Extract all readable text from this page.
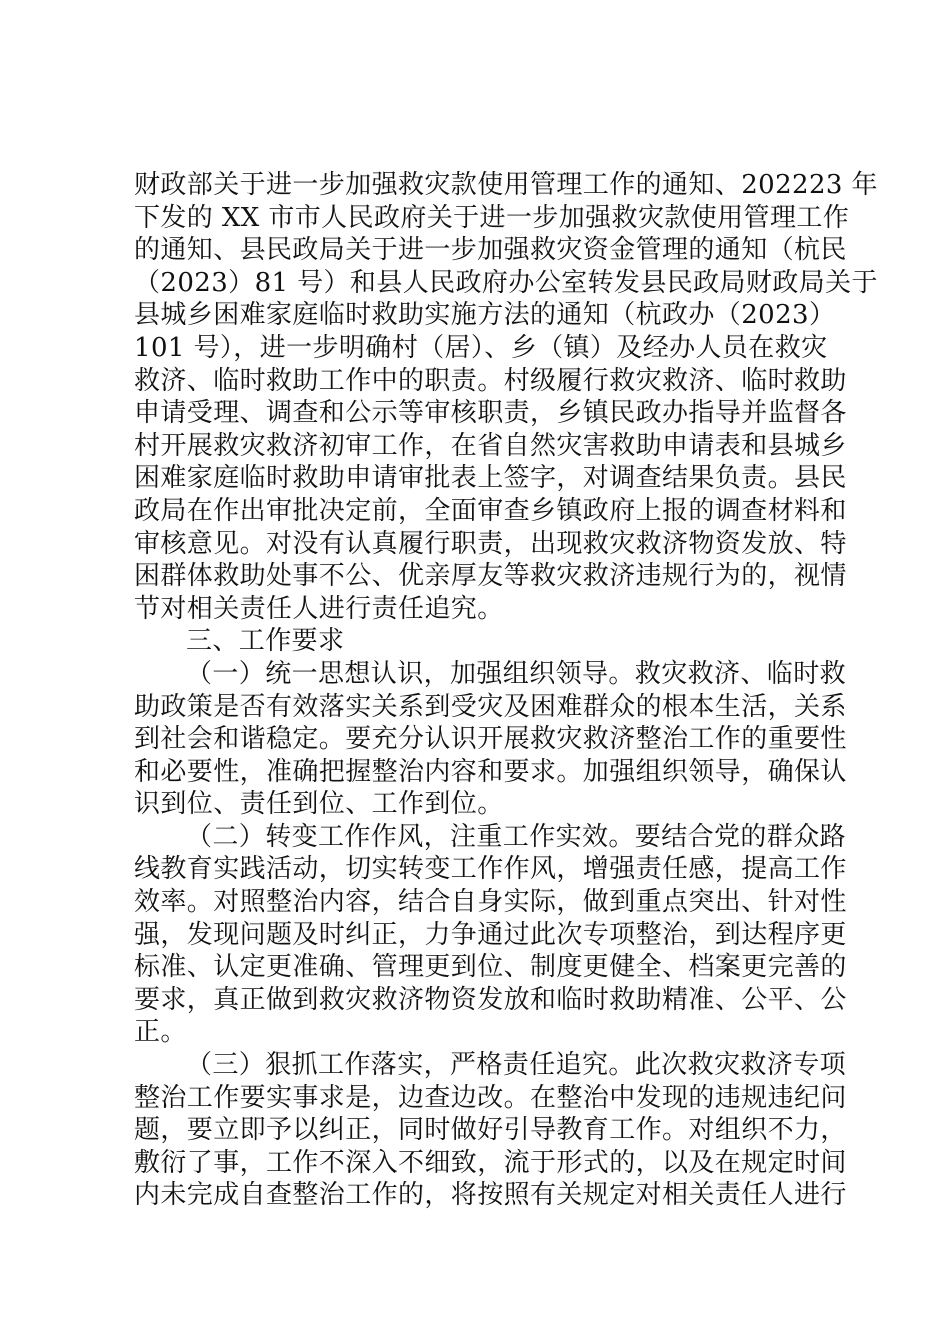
财政部关于进一步加强救灾款使用管理工作的通知、202223 年
下发的 XX 市市人民政府关于进一步加强救灾款使用管理工作
的通知、县民政局关于进一步加强救灾资金管理的通知（杭民
（2023）81 号）和县人民政府办公室转发县民政局财政局关于
县城乡困难家庭临时救助实施方法的通知（杭政办（2023）
101 号），进一步明确村（居）、乡（镇）及经办人员在救灾
救济、临时救助工作中的职责。村级履行救灾救济、临时救助
申请受理、调查和公示等审核职责，乡镇民政办指导并监督各
村开展救灾救济初审工作，在省自然灾害救助申请表和县城乡
困难家庭临时救助申请审批表上签字，对调查结果负责。县民
政局在作出审批决定前，全面审查乡镇政府上报的调查材料和
审核意见。对没有认真履行职责，出现救灾救济物资发放、特
困群体救助处事不公、优亲厚友等救灾救济违规行为的，视情
节对相关责任人进行责任追究。
三、工作要求
（一）统一思想认识，加强组织领导。救灾救济、临时救
助政策是否有效落实关系到受灾及困难群众的根本生活，关系
到社会和谐稳定。要充分认识开展救灾救济整治工作的重要性
和必要性，准确把握整治内容和要求。加强组织领导，确保认
识到位、责任到位、工作到位。
（二）转变工作作风，注重工作实效。要结合党的群众路
线教育实践活动，切实转变工作作风，增强责任感，提高工作
效率。对照整治内容，结合自身实际，做到重点突出、针对性
强，发现问题及时纠正，力争通过此次专项整治，到达程序更
标准、认定更准确、管理更到位、制度更健全、档案更完善的
要求，真正做到救灾救济物资发放和临时救助精准、公平、公
正。
（三）狠抓工作落实，严格责任追究。此次救灾救济专项
整治工作要实事求是，边查边改。在整治中发现的违规违纪问
题，要立即予以纠正，同时做好引导教育工作。对组织不力，
敷衍了事，工作不深入不细致，流于形式的，以及在规定时间
内未完成自查整治工作的，将按照有关规定对相关责任人进行
